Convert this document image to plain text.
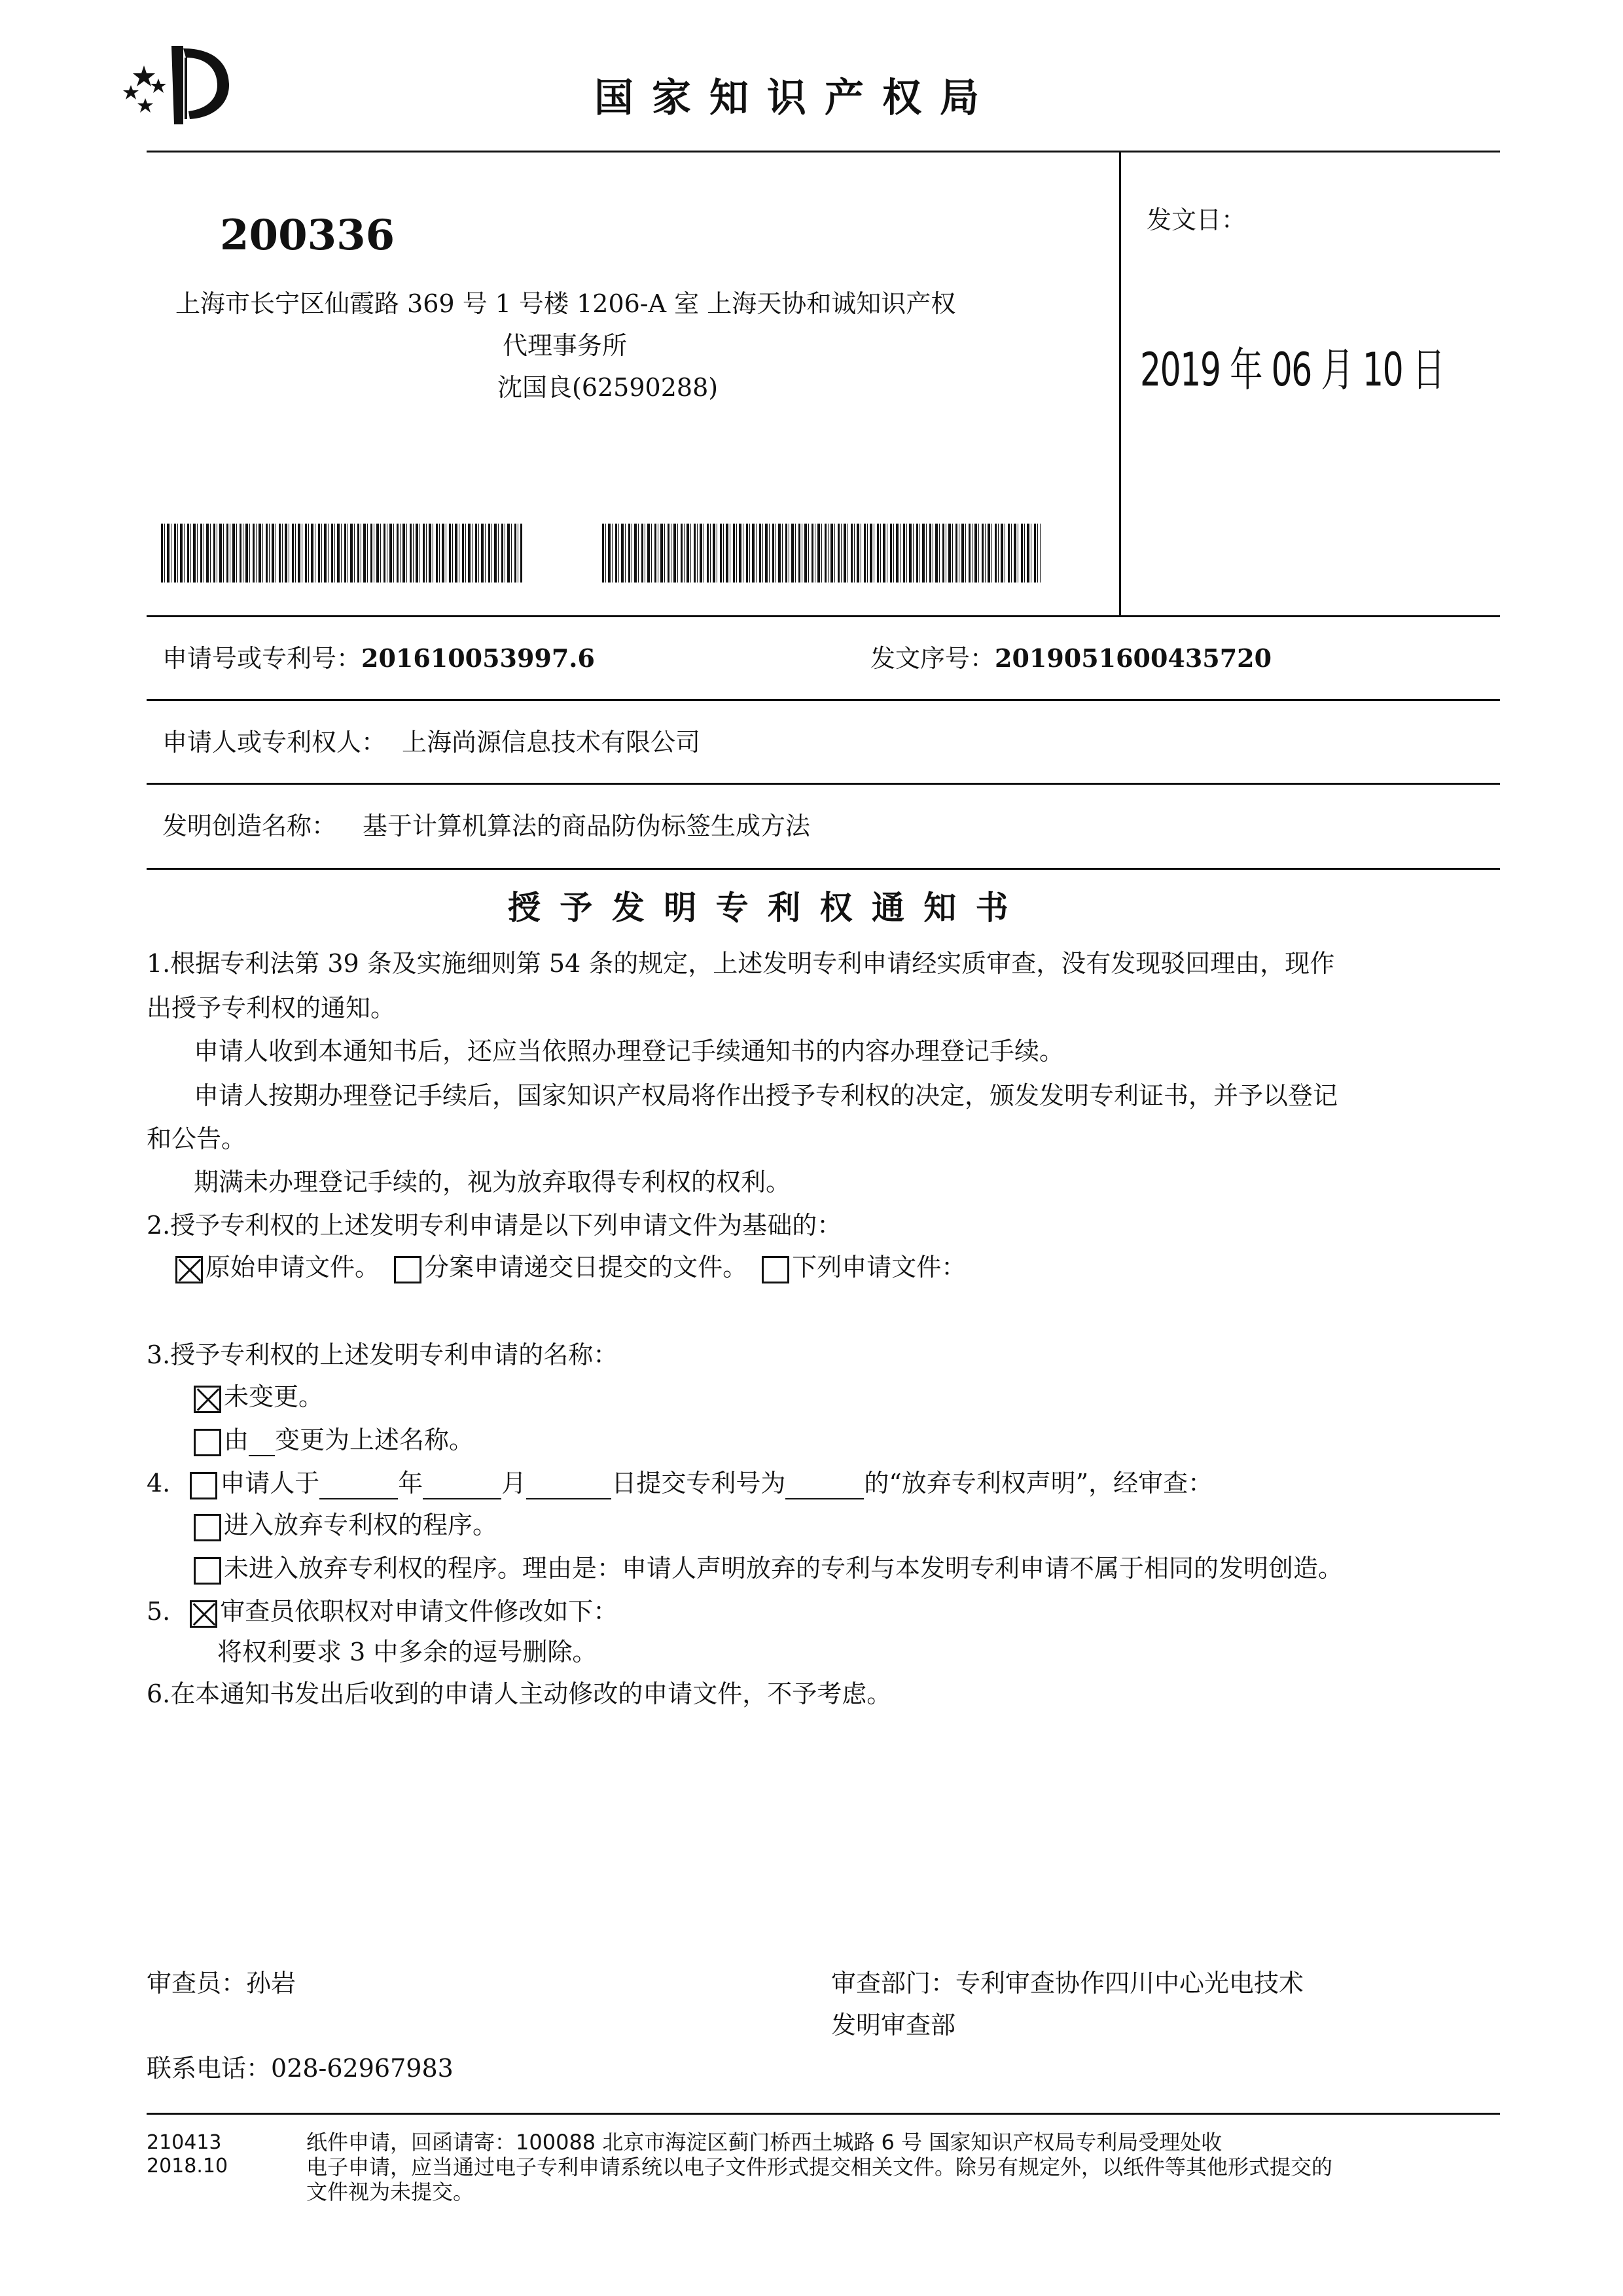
国家知识产权局
200336
上海市长宁区仙霞路 369 号 1 号楼 1206-A 室 上海天协和诚知识产权
代理事务所
沈国良(62590288)
发文日：
2019 年 06 月 10 日
申请号或专利号：201610053997.6	发文序号：2019051600435720
申请人或专利权人： 上海尚源信息技术有限公司
发明创造名称： 基于计算机算法的商品防伪标签生成方法
授 予 发 明 专 利 权 通 知 书
1.根据专利法第 39 条及实施细则第 54 条的规定，上述发明专利申请经实质审查，没有发现驳回理由，现作
出授予专利权的通知。
申请人收到本通知书后，还应当依照办理登记手续通知书的内容办理登记手续。
申请人按期办理登记手续后，国家知识产权局将作出授予专利权的决定，颁发发明专利证书，并予以登记
和公告。
期满未办理登记手续的，视为放弃取得专利权的权利。
2.授予专利权的上述发明专利申请是以下列申请文件为基础的：
原始申请文件。 分案申请递交日提交的文件。 下列申请文件：
3.授予专利权的上述发明专利申请的名称：
未变更。
由 变更为上述名称。
4. 申请人于	年	月	日提交专利号为	的“放弃专利权声明”，经审查：
进入放弃专利权的程序。
未进入放弃专利权的程序。理由是：申请人声明放弃的专利与本发明专利申请不属于相同的发明创造。
5. 审查员依职权对申请文件修改如下：
将权利要求 3 中多余的逗号删除。
6.在本通知书发出后收到的申请人主动修改的申请文件，不予考虑。
审查员：孙岩	审查部门：专利审查协作四川中心光电技术
发明审查部
联系电话：028-62967983
210413
2018.10
纸件申请，回函请寄：100088 北京市海淀区蓟门桥西土城路 6 号 国家知识产权局专利局受理处收
电子申请，应当通过电子专利申请系统以电子文件形式提交相关文件。除另有规定外，以纸件等其他形式提交的
文件视为未提交。
